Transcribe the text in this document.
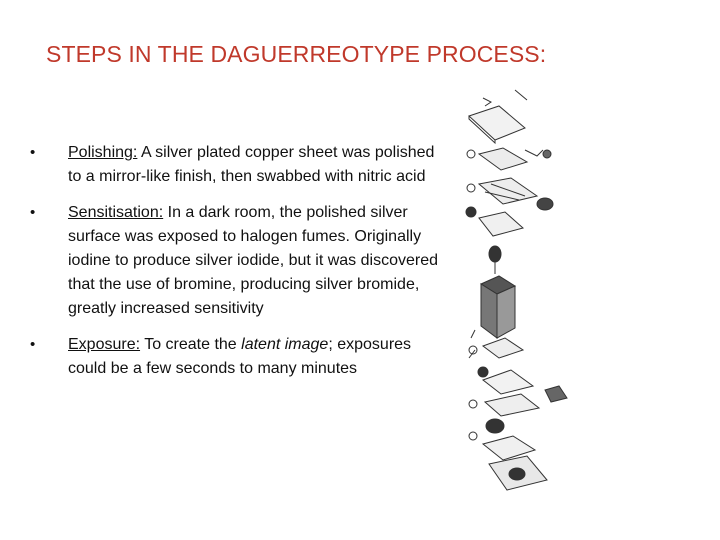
STEPS IN THE DAGUERREOTYPE PROCESS:
•	Polishing: A silver plated copper sheet was polished to a mirror-like finish, then swabbed with nitric acid
•	Sensitisation: In a dark room, the polished silver surface was exposed to halogen fumes. Originally iodine to produce silver iodide, but it was discovered that the use of bromine, producing silver bromide, greatly increased sensitivity
•	Exposure: To create the latent image; exposures could be a few seconds to many minutes
